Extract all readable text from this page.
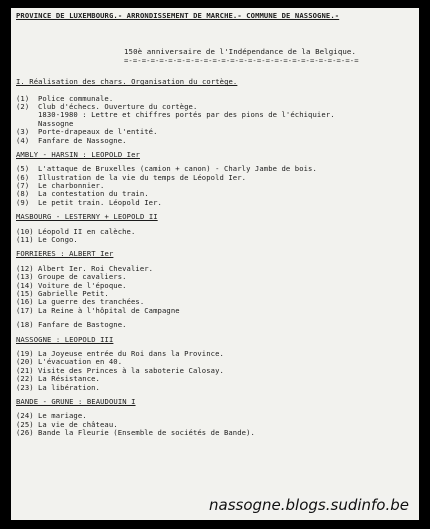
PROVINCE DE LUXEMBOURG.- ARRONDISSEMENT DE MARCHE.- COMMUNE DE NASSOGNE.-
150è anniversaire de l'Indépendance de la Belgique.
=-=-=-=-=-=-=-=-=-=-=-=-=-=-=-=-=-=-=-=-=-=-=-=-=-=-=
I. Réalisation des chars. Organisation du cortège.
(1)	Police communale.
(2)	Club d'échecs. Ouverture du cortège.
1830-1980 : Lettre et chiffres portés par des pions de l'échiquier.
Nassogne
(3)	Porte-drapeaux de l'entité.
(4)	Fanfare de Nassogne.
AMBLY - HARSIN : LEOPOLD Ier
(5)	L'attaque de Bruxelles (camion + canon) - Charly Jambe de bois.
(6)	Illustration de la vie du temps de Léopold Ier.
(7)	Le charbonnier.
(8)	La contestation du train.
(9)	Le petit train. Léopold Ier.
MASBOURG - LESTERNY + LEOPOLD II
(10) Léopold II en calèche.
(11) Le Congo.
FORRIERES : ALBERT Ier
(12) Albert Ier. Roi Chevalier.
(13) Groupe de cavaliers.
(14) Voiture de l'époque.
(15) Gabrielle Petit.
(16) La guerre des tranchées.
(17) La Reine à l'hôpital de Campagne
(18) Fanfare de Bastogne.
NASSOGNE : LEOPOLD III
(19) La Joyeuse entrée du Roi dans la Province.
(20) L'évacuation en 40.
(21) Visite des Princes à la saboterie Calosay.
(22) La Résistance.
(23) La libération.
BANDE - GRUNE : BEAUDOUIN I
(24) Le mariage.
(25) La vie de château.
(26) Bande la Fleurie (Ensemble de sociétés de Bande).
nassogne.blogs.sudinfo.be
